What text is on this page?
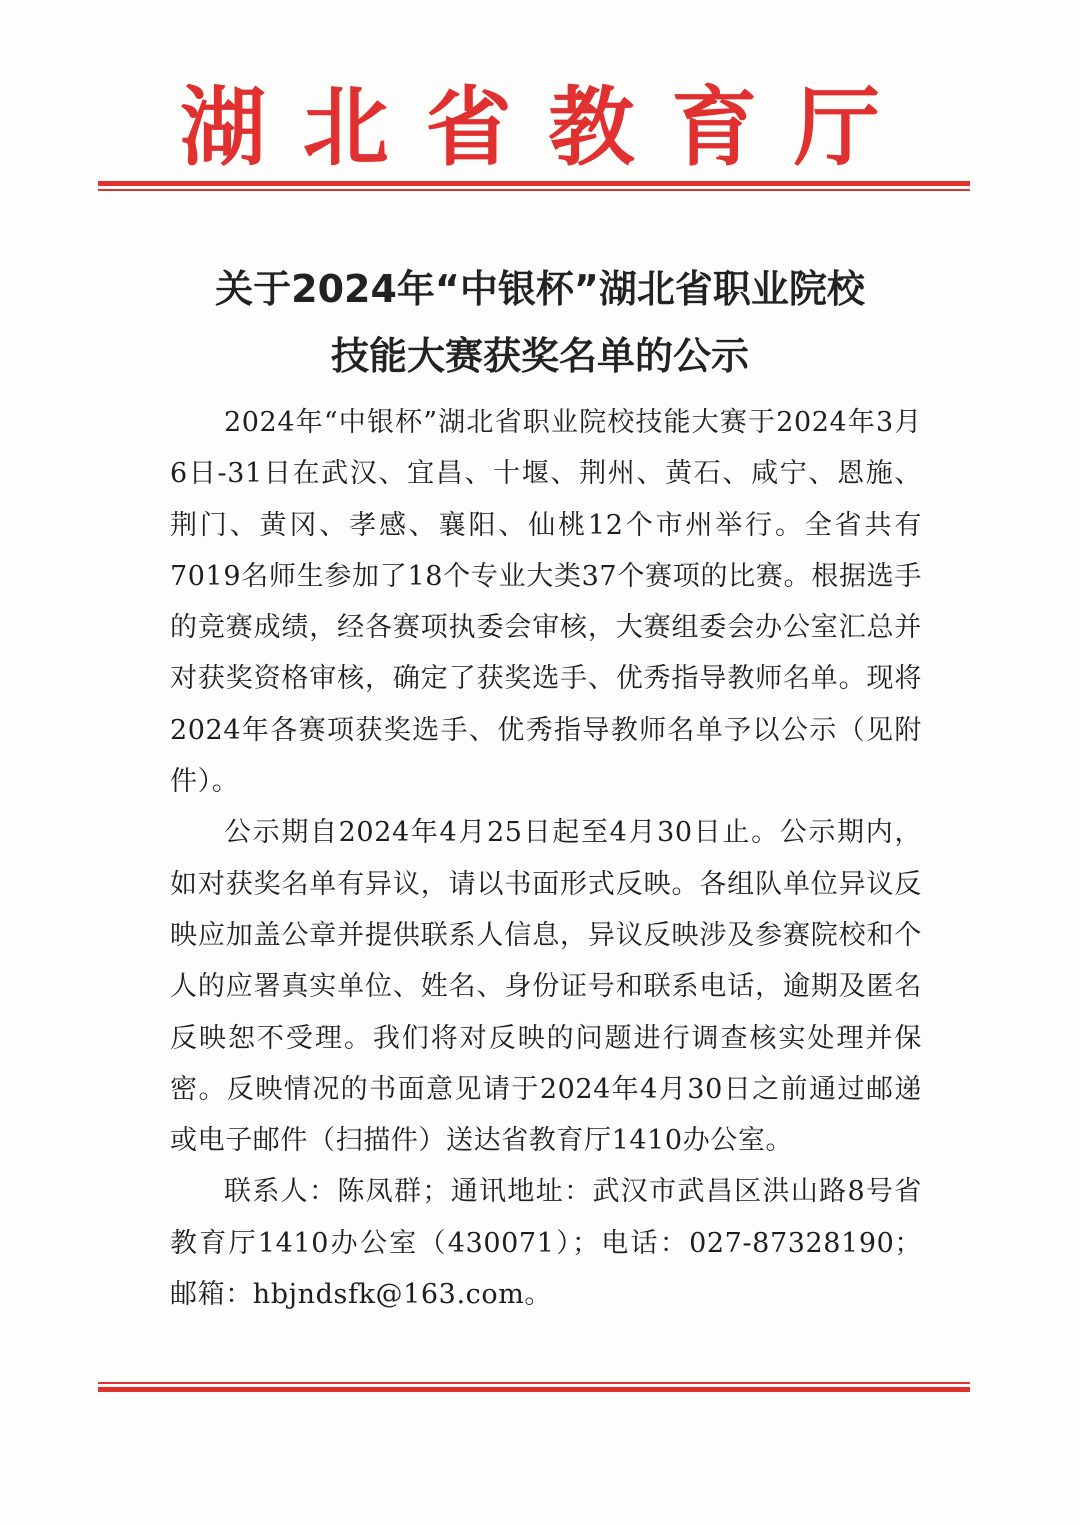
湖 北 省 教 育 厅
关于2024年“中银杯”湖北省职业院校
技能大赛获奖名单的公示

2024年“中银杯”湖北省职业院校技能大赛于2024年3月6日-31日在武汉、宜昌、十堰、荆州、黄石、咸宁、恩施、荆门、黄冈、孝感、襄阳、仙桃12个市州举行。全省共有7019名师生参加了18个专业大类37个赛项的比赛。根据选手的竞赛成绩，经各赛项执委会审核，大赛组委会办公室汇总并对获奖资格审核，确定了获奖选手、优秀指导教师名单。现将2024年各赛项获奖选手、优秀指导教师名单予以公示（见附件）。

公示期自2024年4月25日起至4月30日止。公示期内，如对获奖名单有异议，请以书面形式反映。各组队单位异议反映应加盖公章并提供联系人信息，异议反映涉及参赛院校和个人的应署真实单位、姓名、身份证号和联系电话，逾期及匿名反映恕不受理。我们将对反映的问题进行调查核实处理并保密。反映情况的书面意见请于2024年4月30日之前通过邮递或电子邮件（扫描件）送达省教育厅1410办公室。

联系人：陈凤群；通讯地址：武汉市武昌区洪山路8号省教育厅1410办公室（430071）；电话：027-87328190；邮箱：hbjndsfk@163.com。
